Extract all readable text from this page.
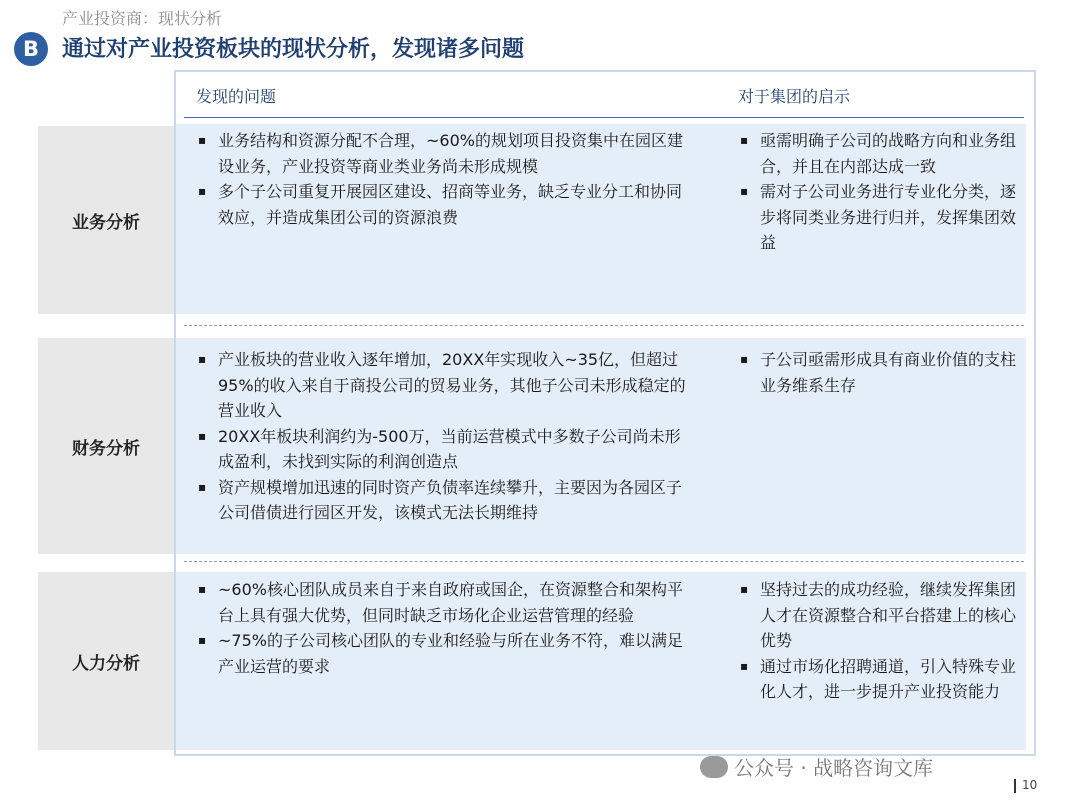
产业投资商：现状分析
B	通过对产业投资板块的现状分析，发现诸多问题
发现的问题	对于集团的启示
业务分析
▪ 业务结构和资源分配不合理，~60%的规划项目投资集中在园区建设业务，产业投资等商业类业务尚未形成规模
▪ 多个子公司重复开展园区建设、招商等业务，缺乏专业分工和协同效应，并造成集团公司的资源浪费
▪ 亟需明确子公司的战略方向和业务组合，并且在内部达成一致
▪ 需对子公司业务进行专业化分类，逐步将同类业务进行归并，发挥集团效益
财务分析
▪ 产业板块的营业收入逐年增加，20XX年实现收入~35亿，但超过95%的收入来自于商投公司的贸易业务，其他子公司未形成稳定的营业收入
▪ 20XX年板块利润约为-500万，当前运营模式中多数子公司尚未形成盈利，未找到实际的利润创造点
▪ 资产规模增加迅速的同时资产负债率连续攀升，主要因为各园区子公司借债进行园区开发，该模式无法长期维持
▪ 子公司亟需形成具有商业价值的支柱业务维系生存
人力分析
▪ ~60%核心团队成员来自于来自政府或国企，在资源整合和架构平台上具有强大优势，但同时缺乏市场化企业运营管理的经验
▪ ~75%的子公司核心团队的专业和经验与所在业务不符，难以满足产业运营的要求
▪ 坚持过去的成功经验，继续发挥集团人才在资源整合和平台搭建上的核心优势
▪ 通过市场化招聘通道，引入特殊专业化人才，进一步提升产业投资能力
公众号 · 战略咨询文库
10
